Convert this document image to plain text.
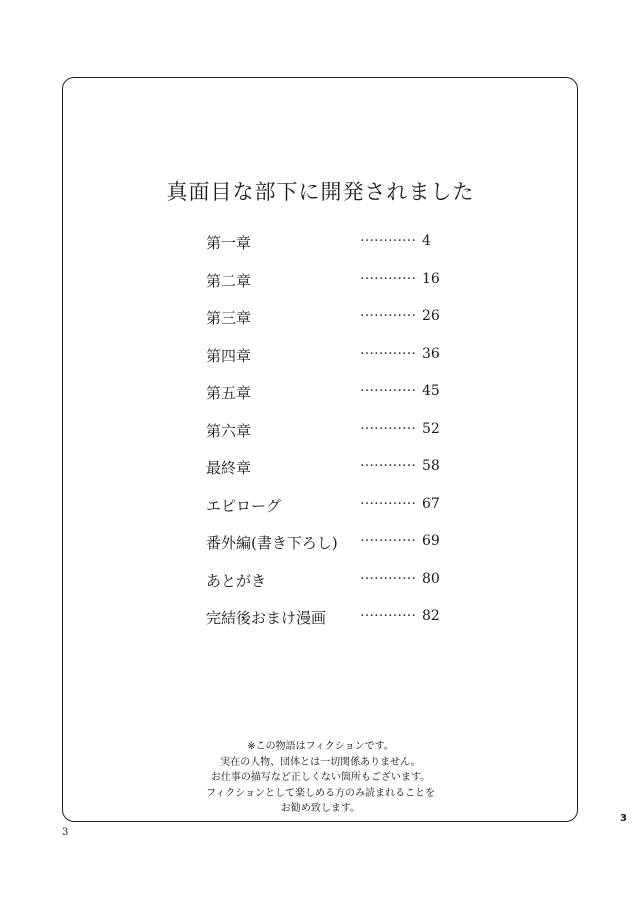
真面目な部下に開発されました
第一章	………… 4
第二章	………… 16
第三章	………… 26
第四章	………… 36
第五章	………… 45
第六章	………… 52
最終章	………… 58
エピローグ	………… 67
番外編(書き下ろし) ………… 69
あとがき	………… 80
完結後おまけ漫画 ………… 82
※この物語はフィクションです。
実在の人物、団体とは一切関係ありません。
お仕事の描写など正しくない箇所もございます。
フィクションとして楽しめる方のみ読まれることを
お勧め致します。
3
3
